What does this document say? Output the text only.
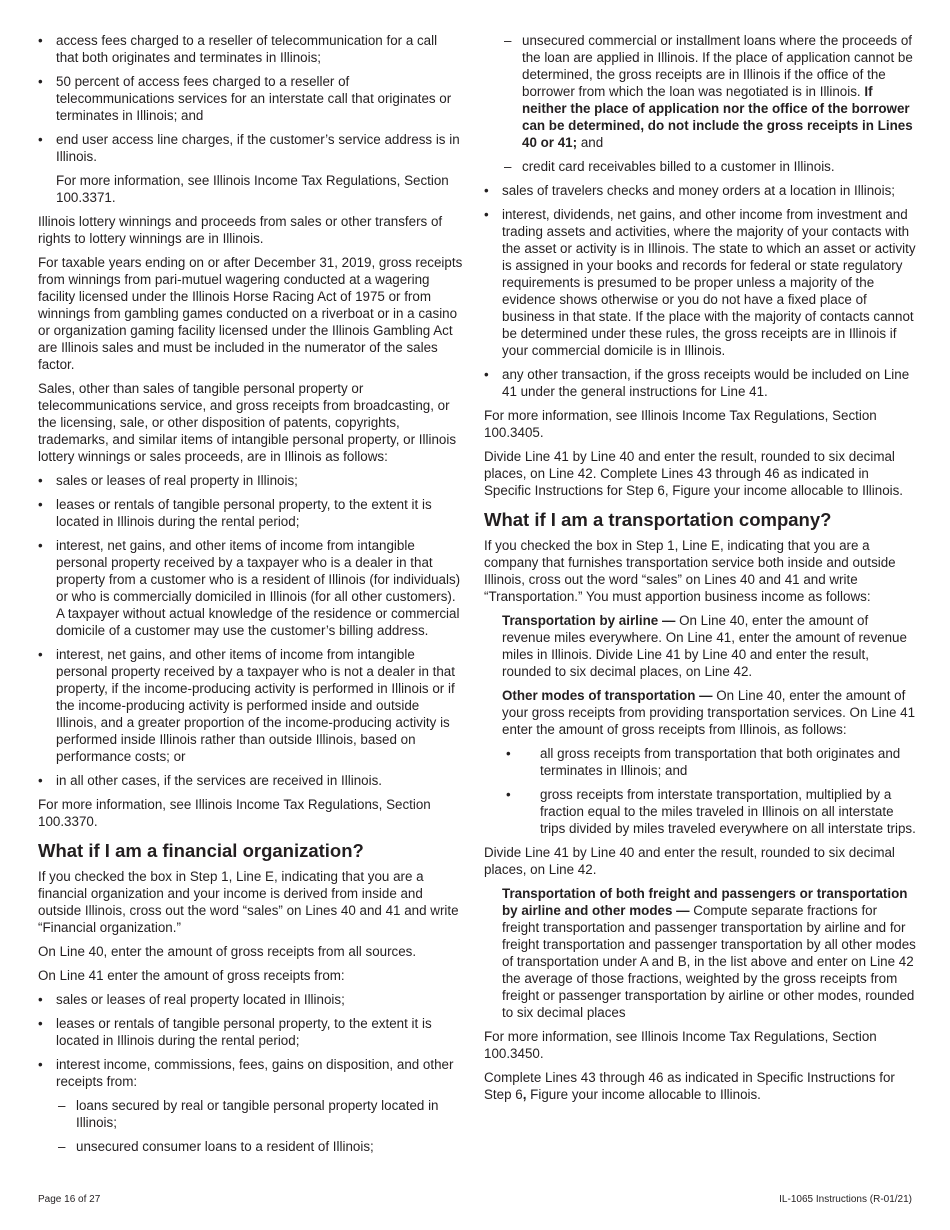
• access fees charged to a reseller of telecommunication for a call that both originates and terminates in Illinois;
• 50 percent of access fees charged to a reseller of telecommunications services for an interstate call that originates or terminates in Illinois; and
• end user access line charges, if the customer’s service address is in Illinois.

For more information, see Illinois Income Tax Regulations, Section 100.3371.

Illinois lottery winnings and proceeds from sales or other transfers of rights to lottery winnings are in Illinois.

For taxable years ending on or after December 31, 2019, gross receipts from winnings from pari-mutuel wagering conducted at a wagering facility licensed under the Illinois Horse Racing Act of 1975 or from winnings from gambling games conducted on a riverboat or in a casino or organization gaming facility licensed under the Illinois Gambling Act are Illinois sales and must be included in the numerator of the sales factor.

Sales, other than sales of tangible personal property or telecommunications service, and gross receipts from broadcasting, or the licensing, sale, or other disposition of patents, copyrights, trademarks, and similar items of intangible personal property, or Illinois lottery winnings or sales proceeds, are in Illinois as follows:

• sales or leases of real property in Illinois;
• leases or rentals of tangible personal property, to the extent it is located in Illinois during the rental period;
• interest, net gains, and other items of income from intangible personal property received by a taxpayer who is a dealer in that property from a customer who is a resident of Illinois (for individuals) or who is commercially domiciled in Illinois (for all other customers). A taxpayer without actual knowledge of the residence or commercial domicile of a customer may use the customer’s billing address.
• interest, net gains, and other items of income from intangible personal property received by a taxpayer who is not a dealer in that property, if the income-producing activity is performed in Illinois or if the income-producing activity is performed inside and outside Illinois, and a greater proportion of the income-producing activity is performed inside Illinois rather than outside Illinois, based on performance costs; or
• in all other cases, if the services are received in Illinois.

For more information, see Illinois Income Tax Regulations, Section 100.3370.

What if I am a financial organization?

If you checked the box in Step 1, Line E, indicating that you are a financial organization and your income is derived from inside and outside Illinois, cross out the word “sales” on Lines 40 and 41 and write “Financial organization.”

On Line 40, enter the amount of gross receipts from all sources.

On Line 41 enter the amount of gross receipts from:

• sales or leases of real property located in Illinois;
• leases or rentals of tangible personal property, to the extent it is located in Illinois during the rental period;
• interest income, commissions, fees, gains on disposition, and other receipts from:
– loans secured by real or tangible personal property located in Illinois;
– unsecured consumer loans to a resident of Illinois;
– unsecured commercial or installment loans where the proceeds of the loan are applied in Illinois. If the place of application cannot be determined, the gross receipts are in Illinois if the office of the borrower from which the loan was negotiated is in Illinois. If neither the place of application nor the office of the borrower can be determined, do not include the gross receipts in Lines 40 or 41; and
– credit card receivables billed to a customer in Illinois.
• sales of travelers checks and money orders at a location in Illinois;
• interest, dividends, net gains, and other income from investment and trading assets and activities, where the majority of your contacts with the asset or activity is in Illinois. The state to which an asset or activity is assigned in your books and records for federal or state regulatory requirements is presumed to be proper unless a majority of the evidence shows otherwise or you do not have a fixed place of business in that state. If the place with the majority of contacts cannot be determined under these rules, the gross receipts are in Illinois if your commercial domicile is in Illinois.
• any other transaction, if the gross receipts would be included on Line 41 under the general instructions for Line 41.

For more information, see Illinois Income Tax Regulations, Section 100.3405.

Divide Line 41 by Line 40 and enter the result, rounded to six decimal places, on Line 42. Complete Lines 43 through 46 as indicated in Specific Instructions for Step 6, Figure your income allocable to Illinois.

What if I am a transportation company?

If you checked the box in Step 1, Line E, indicating that you are a company that furnishes transportation service both inside and outside Illinois, cross out the word “sales” on Lines 40 and 41 and write “Transportation.” You must apportion business income as follows:

Transportation by airline — On Line 40, enter the amount of revenue miles everywhere. On Line 41, enter the amount of revenue miles in Illinois. Divide Line 41 by Line 40 and enter the result, rounded to six decimal places, on Line 42.

Other modes of transportation — On Line 40, enter the amount of your gross receipts from providing transportation services. On Line 41 enter the amount of gross receipts from Illinois, as follows:

• all gross receipts from transportation that both originates and terminates in Illinois; and
• gross receipts from interstate transportation, multiplied by a fraction equal to the miles traveled in Illinois on all interstate trips divided by miles traveled everywhere on all interstate trips.

Divide Line 41 by Line 40 and enter the result, rounded to six decimal places, on Line 42.

Transportation of both freight and passengers or transportation by airline and other modes — Compute separate fractions for freight transportation and passenger transportation by airline and for freight transportation and passenger transportation by all other modes of transportation under A and B, in the list above and enter on Line 42 the average of those fractions, weighted by the gross receipts from freight or passenger transportation by airline or other modes, rounded to six decimal places

For more information, see Illinois Income Tax Regulations, Section 100.3450.

Complete Lines 43 through 46 as indicated in Specific Instructions for Step 6, Figure your income allocable to Illinois.

Page 16 of 27	IL-1065 Instructions (R-01/21)
